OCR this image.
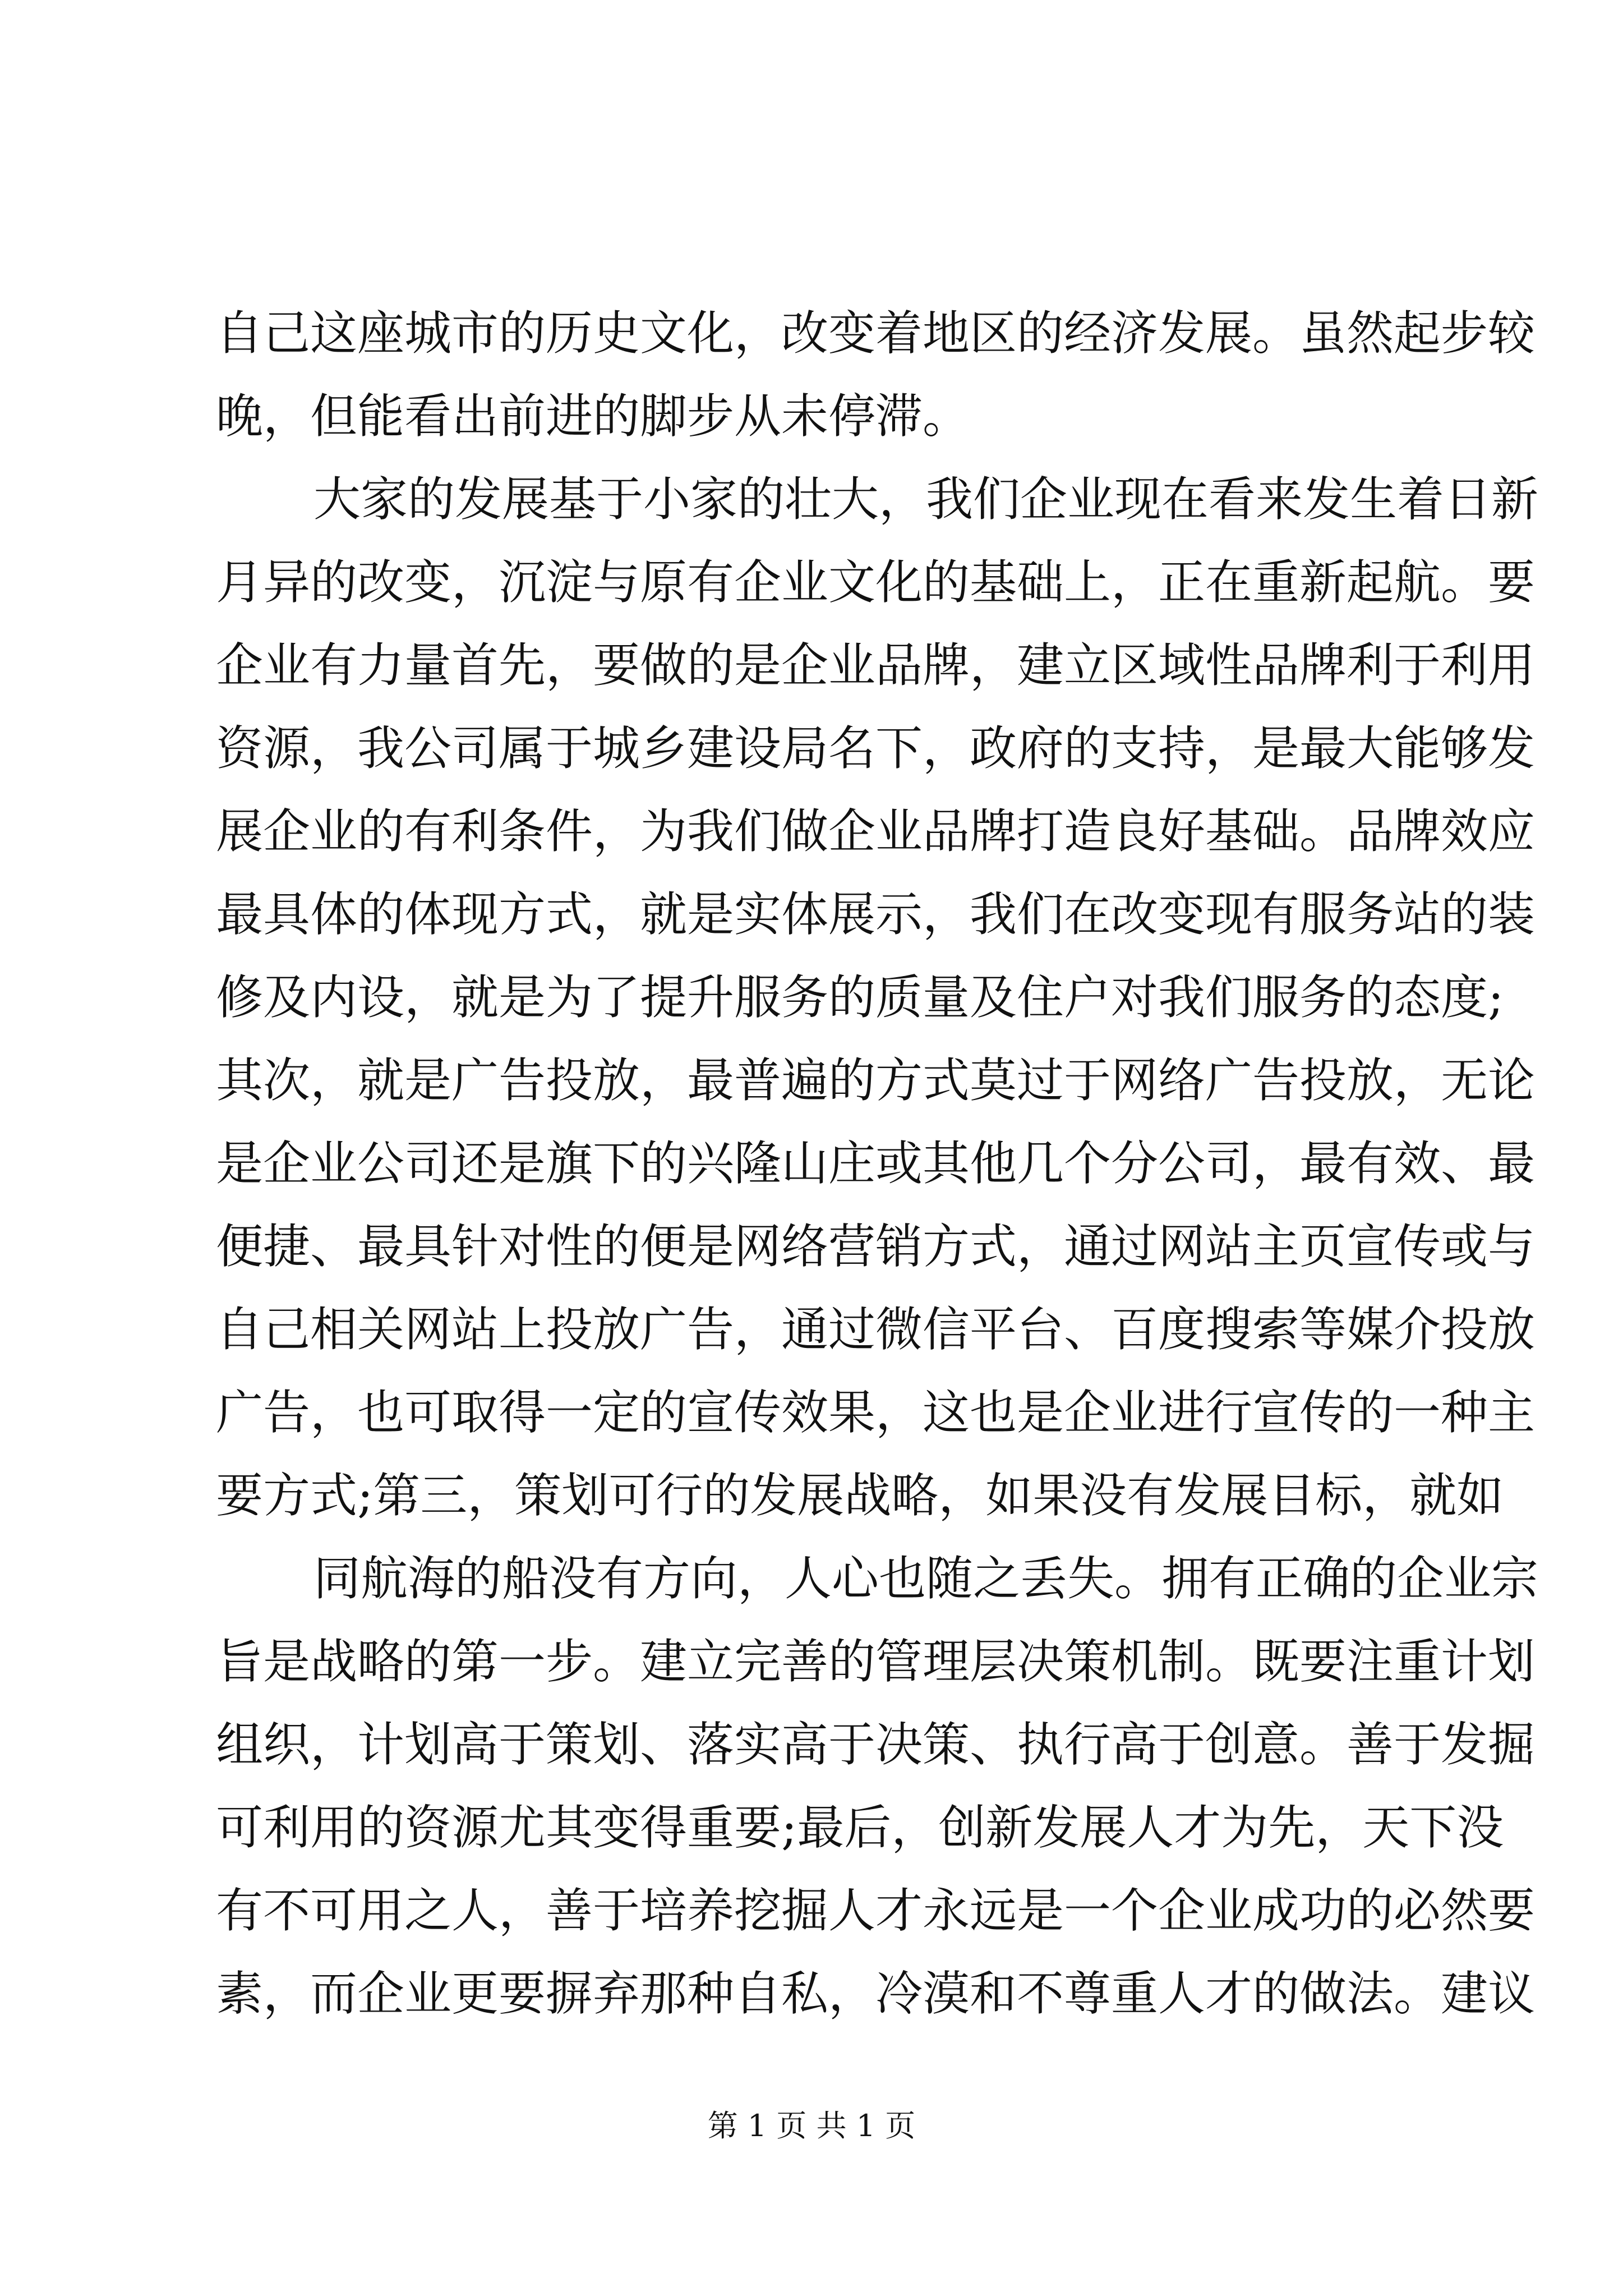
自己这座城市的历史文化，改变着地区的经济发展。虽然起步较
晚，但能看出前进的脚步从未停滞。
大家的发展基于小家的壮大，我们企业现在看来发生着日新
月异的改变，沉淀与原有企业文化的基础上，正在重新起航。要
企业有力量首先，要做的是企业品牌，建立区域性品牌利于利用
资源，我公司属于城乡建设局名下，政府的支持，是最大能够发
展企业的有利条件，为我们做企业品牌打造良好基础。品牌效应
最具体的体现方式，就是实体展示，我们在改变现有服务站的装
修及内设，就是为了提升服务的质量及住户对我们服务的态度;
其次，就是广告投放，最普遍的方式莫过于网络广告投放，无论
是企业公司还是旗下的兴隆山庄或其他几个分公司，最有效、最
便捷、最具针对性的便是网络营销方式，通过网站主页宣传或与
自己相关网站上投放广告，通过微信平台、百度搜索等媒介投放
广告，也可取得一定的宣传效果，这也是企业进行宣传的一种主
要方式;第三，策划可行的发展战略，如果没有发展目标，就如
同航海的船没有方向，人心也随之丢失。拥有正确的企业宗
旨是战略的第一步。建立完善的管理层决策机制。既要注重计划
组织，计划高于策划、落实高于决策、执行高于创意。善于发掘
可利用的资源尤其变得重要;最后，创新发展人才为先，天下没
有不可用之人，善于培养挖掘人才永远是一个企业成功的必然要
素，而企业更要摒弃那种自私，冷漠和不尊重人才的做法。建议
第 1 页 共 1 页
